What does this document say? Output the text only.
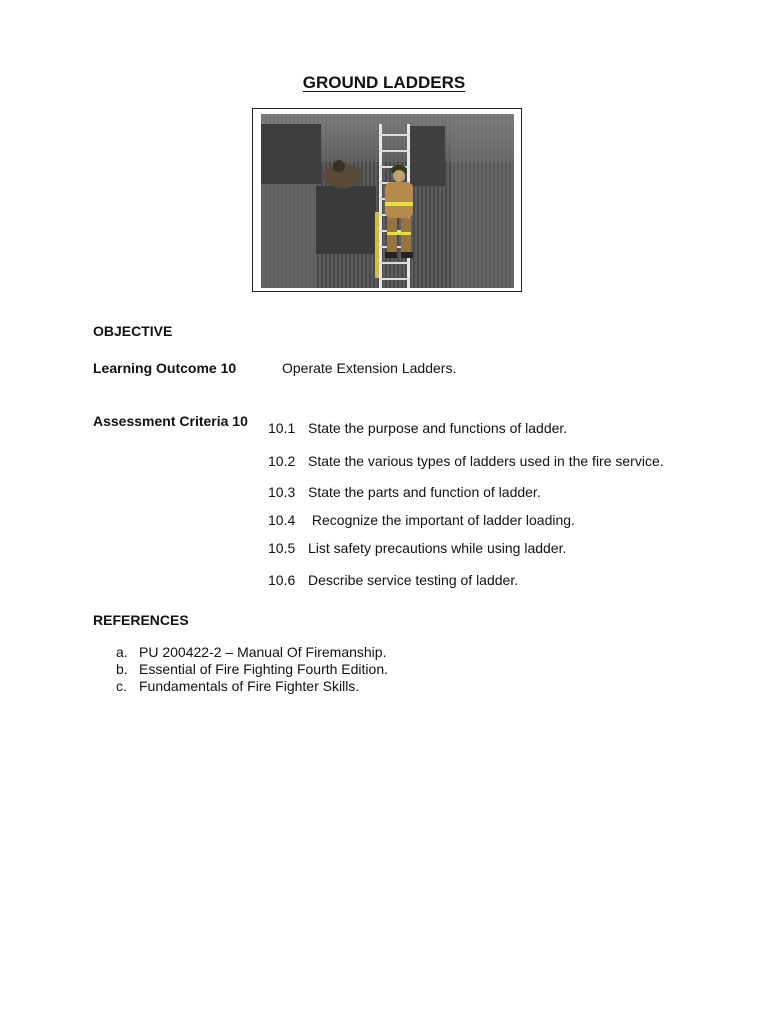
GROUND LADDERS
OBJECTIVE
Learning Outcome 10	Operate Extension Ladders.
Assessment Criteria 10 10.1 State the purpose and functions of ladder.
10.2 State the various types of ladders used in the fire service.
10.3 State the parts and function of ladder.
10.4 Recognize the important of ladder loading.
10.5 List safety precautions while using ladder.
10.6 Describe service testing of ladder.
REFERENCES
a. PU 200422-2 – Manual Of Firemanship.
b. Essential of Fire Fighting Fourth Edition.
c. Fundamentals of Fire Fighter Skills.
